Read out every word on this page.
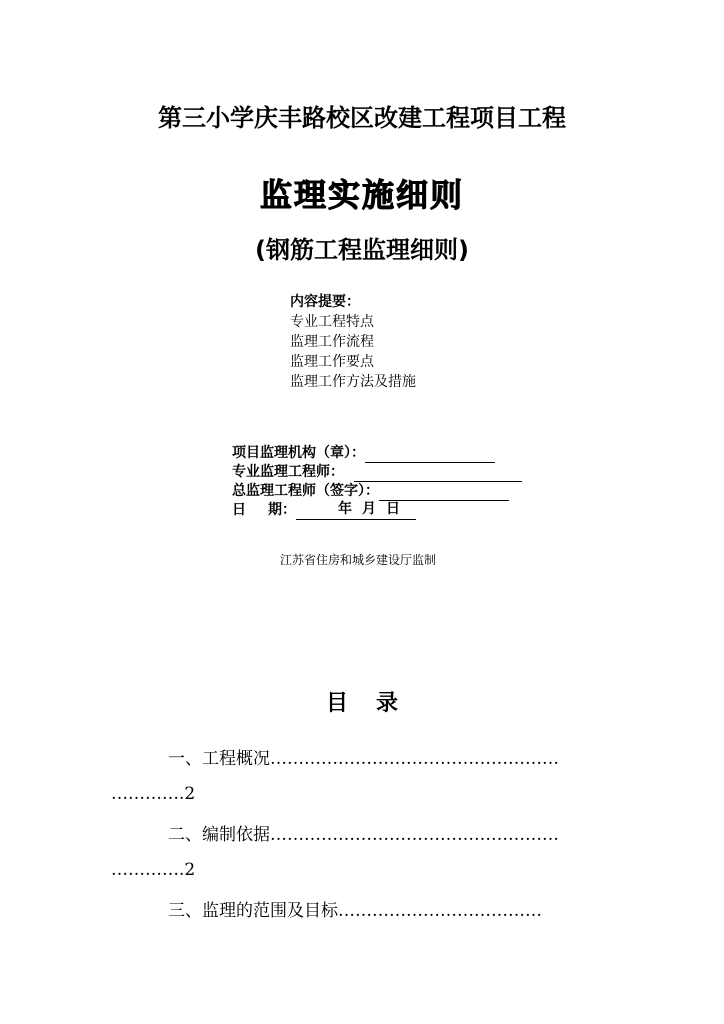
第三小学庆丰路校区改建工程项目工程
监理实施细则
(钢筋工程监理细则)
内容提要：
专业工程特点
监理工作流程
监理工作要点
监理工作方法及措施
项目监理机构（章）：
专业监理工程师：
总监理工程师（签字）：
日 期：	年 月 日
江苏省住房和城乡建设厅监制
目 录
一、工程概况……………………………………………
………….2
二、编制依据……………………………………………
………….2
三、监理的范围及目标………………………………
